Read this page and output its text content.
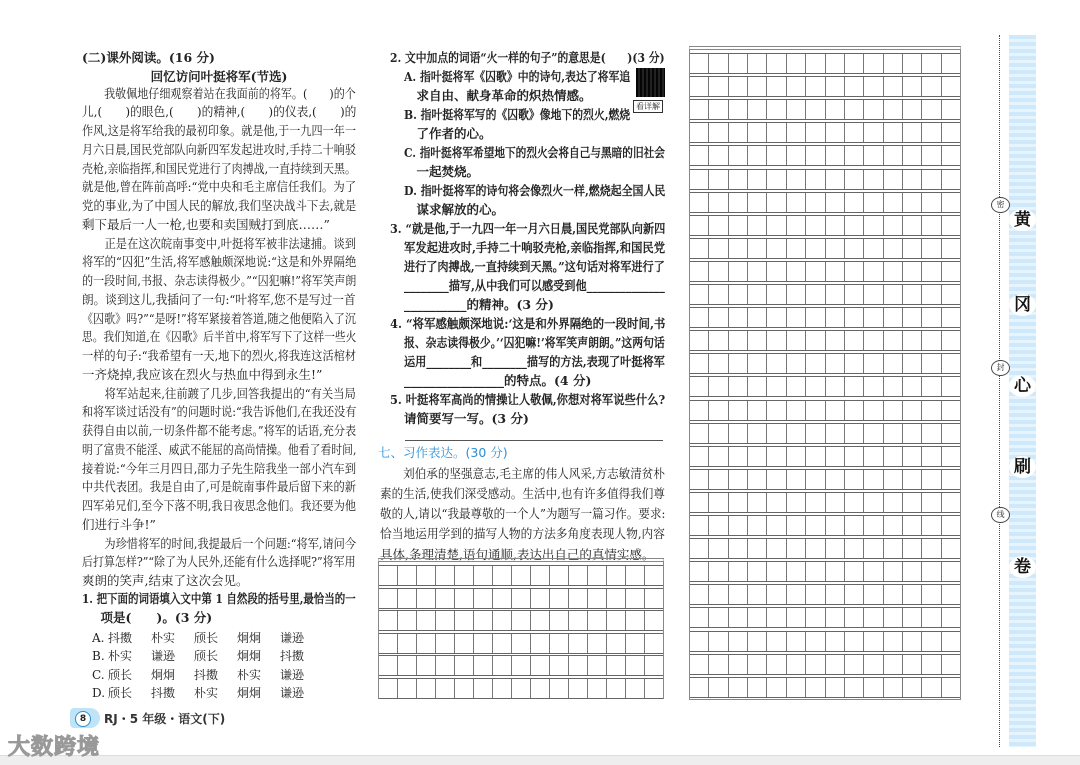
(二)课外阅读。(16 分)
回忆访问叶挺将军(节选)
　　我敬佩地仔细观察着站在我面前的将军。(　　)的个
儿,(　　)的眼色,(　　)的精神,(　　)的仪表,(　　)的
作风,这是将军给我的最初印象。就是他,于一九四一年一
月六日晨,国民党部队向新四军发起进攻时,手持二十响驳
壳枪,亲临指挥,和国民党进行了肉搏战,一直持续到天黑。
就是他,曾在阵前高呼:“党中央和毛主席信任我们。为了
党的事业,为了中国人民的解放,我们坚决战斗下去,就是
剩下最后一人一枪,也要和卖国贼打到底……”
　　正是在这次皖南事变中,叶挺将军被非法逮捕。谈到
将军的“囚犯”生活,将军感触颇深地说:“这是和外界隔绝
的一段时间,书报、杂志读得极少。”“囚犯嘛!”将军笑声朗
朗。谈到这儿,我插问了一句:“叶将军,您不是写过一首
《囚歌》吗?”“是呀!”将军紧接着答道,随之他便陷入了沉
思。我们知道,在《囚歌》后半首中,将军写下了这样一些火
一样的句子:“我希望有一天,地下的烈火,将我连这活棺材
一齐烧掉,我应该在烈火与热血中得到永生!”
　　将军站起来,往前踱了几步,回答我提出的“有关当局
和将军谈过话没有”的问题时说:“我告诉他们,在我还没有
获得自由以前,一切条件都不能考虑。”将军的话语,充分表
明了富贵不能淫、威武不能屈的高尚情操。他看了看时间,
接着说:“今年三月四日,邵力子先生陪我坐一部小汽车到
中共代表团。我是自由了,可是皖南事件最后留下来的新
四军弟兄们,至今下落不明,我日夜思念他们。我还要为他
们进行斗争!”
　　为珍惜将军的时间,我提最后一个问题:“将军,请问今
后打算怎样?”“除了为人民外,还能有什么选择呢?”将军用
爽朗的笑声,结束了这次会见。
1. 把下面的词语填入文中第 1 自然段的括号里,最恰当的一
　项是(　　)。(3 分)
A. 抖擞 朴实 颀长 炯炯 谦逊
B. 朴实 谦逊 颀长 炯炯 抖擞
C. 颀长 炯炯 抖擞 朴实 谦逊
D. 颀长 抖擞 朴实 炯炯 谦逊
2. 文中加点的词语“火一样的句子”的意思是(　　)(3 分)
A. 指叶挺将军《囚歌》中的诗句,表达了将军追
　求自由、献身革命的炽热情感。
B. 指叶挺将军写的《囚歌》像地下的烈火,燃烧
　了作者的心。
C. 指叶挺将军希望地下的烈火会将自己与黑暗的旧社会
　一起焚烧。
D. 指叶挺将军的诗句将会像烈火一样,燃烧起全国人民
　谋求解放的心。
3. “就是他,于一九四一年一月六日晨,国民党部队向新四
军发起进攻时,手持二十响驳壳枪,亲临指挥,和国民党
进行了肉搏战,一直持续到天黑。”这句话对将军进行了
________描写,从中我们可以感受到他______________
__________的精神。(3 分)
4. “将军感触颇深地说:‘这是和外界隔绝的一段时间,书
报、杂志读得极少。’‘囚犯嘛!’将军笑声朗朗。”这两句话
运用________和________描写的方法,表现了叶挺将军
________________的特点。(4 分)
5. 叶挺将军高尚的情操让人敬佩,你想对将军说些什么?
请简要写一写。(3 分)
七、习作表达。(30 分)
　　刘伯承的坚强意志,毛主席的伟人风采,方志敏清贫朴
素的生活,使我们深受感动。生活中,也有许多值得我们尊
敬的人,请以“我最尊敬的一个人”为题写一篇习作。要求:
恰当地运用学到的描写人物的方法多角度表现人物,内容
具体,条理清楚,语句通顺,表达出自己的真情实感。
看详解
密
封
线
黄
冈
心
刷
卷
8	RJ・5 年级・语文(下)
大数跨境
